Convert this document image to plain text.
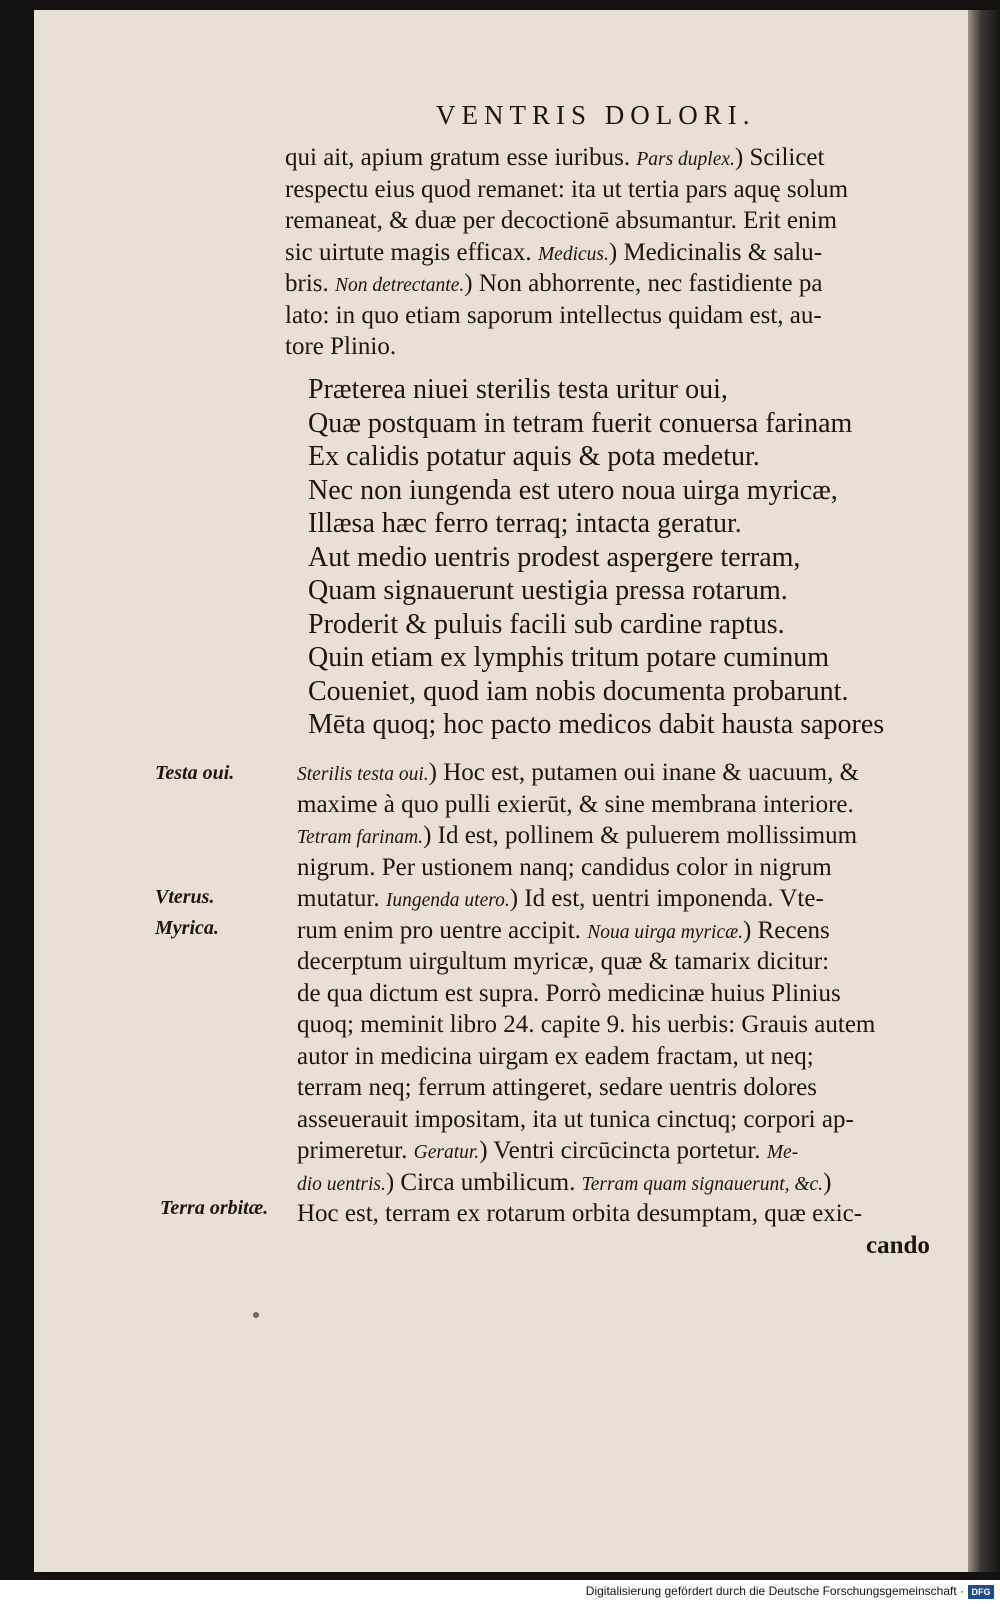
VENTRIS DOLORI.
qui ait, apium gratum esse iuribus. Pars duplex.) Scilicet
respectu eius quod remanet: ita ut tertia pars aquę solum
remaneat, & duæ per decoctionē absumantur. Erit enim
sic uirtute magis efficax. Medicus.) Medicinalis & salu-
bris. Non detrectante.) Non abhorrente, nec fastidiente pa
lato: in quo etiam saporum intellectus quidam est, au-
tore Plinio.
Præterea niuei sterilis testa uritur oui,
Quæ postquam in tetram fuerit conuersa farinam
Ex calidis potatur aquis & pota medetur.
Nec non iungenda est utero noua uirga myricæ,
Illæsa hæc ferro terraq; intacta geratur.
Aut medio uentris prodest aspergere terram,
Quam signauerunt uestigia pressa rotarum.
Proderit & puluis facili sub cardine raptus.
Quin etiam ex lymphis tritum potare cuminum
Coueniet, quod iam nobis documenta probarunt.
Mēta quoq; hoc pacto medicos dabit hausta sapores
Sterilis testa oui.) Hoc est, putamen oui inane & uacuum, &
maxime à quo pulli exierūt, & sine membrana interiore.
Tetram farinam.) Id est, pollinem & puluerem mollissimum
nigrum. Per ustionem nanq; candidus color in nigrum
mutatur. Iungenda utero.) Id est, uentri imponenda. Vte-
rum enim pro uentre accipit. Noua uirga myricæ.) Recens
decerptum uirgultum myricæ, quæ & tamarix dicitur:
de qua dictum est supra. Porrò medicinæ huius Plinius
quoq; meminit libro 24. capite 9. his uerbis: Grauis autem
autor in medicina uirgam ex eadem fractam, ut neq;
terram neq; ferrum attingeret, sedare uentris dolores
asseuerauit impositam, ita ut tunica cinctuq; corpori ap-
primeretur. Geratur.) Ventri circūcincta portetur. Me-
dio uentris.) Circa umbilicum. Terram quam signauerunt, &c.)
Hoc est, terram ex rotarum orbita desumptam, quæ exic-
cando
Testa oui.
Vterus.
Myrica.
Terra orbitæ.
Digitalisierung gefördert durch die Deutsche Forschungsgemeinschaft · DFG
